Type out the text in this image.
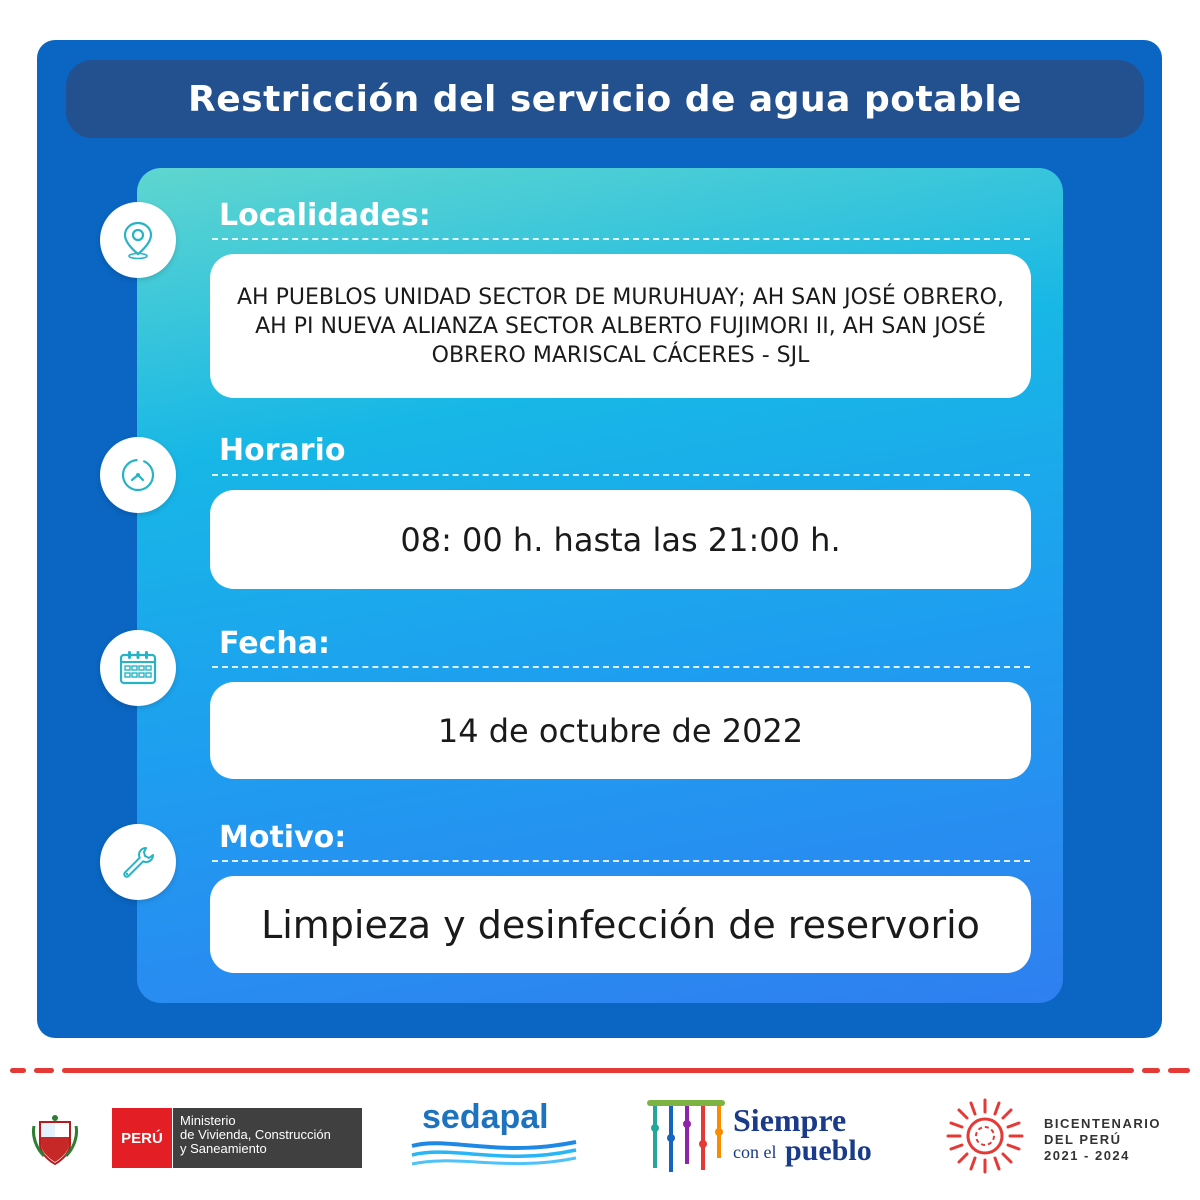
Restricción del servicio de agua potable
Localidades:
AH PUEBLOS UNIDAD SECTOR DE MURUHUAY; AH SAN JOSÉ OBRERO, AH PI NUEVA ALIANZA SECTOR ALBERTO FUJIMORI II, AH SAN JOSÉ OBRERO MARISCAL CÁCERES - SJL
Horario
08: 00 h. hasta las 21:00 h.
Fecha:
14 de octubre de 2022
Motivo:
Limpieza y desinfección de reservorio
PERÚ
Ministerio
de Vivienda, Construcción
y Saneamiento
sedapal	Siempre
con el pueblo
BICENTENARIO
DEL PERÚ
2021 - 2024
